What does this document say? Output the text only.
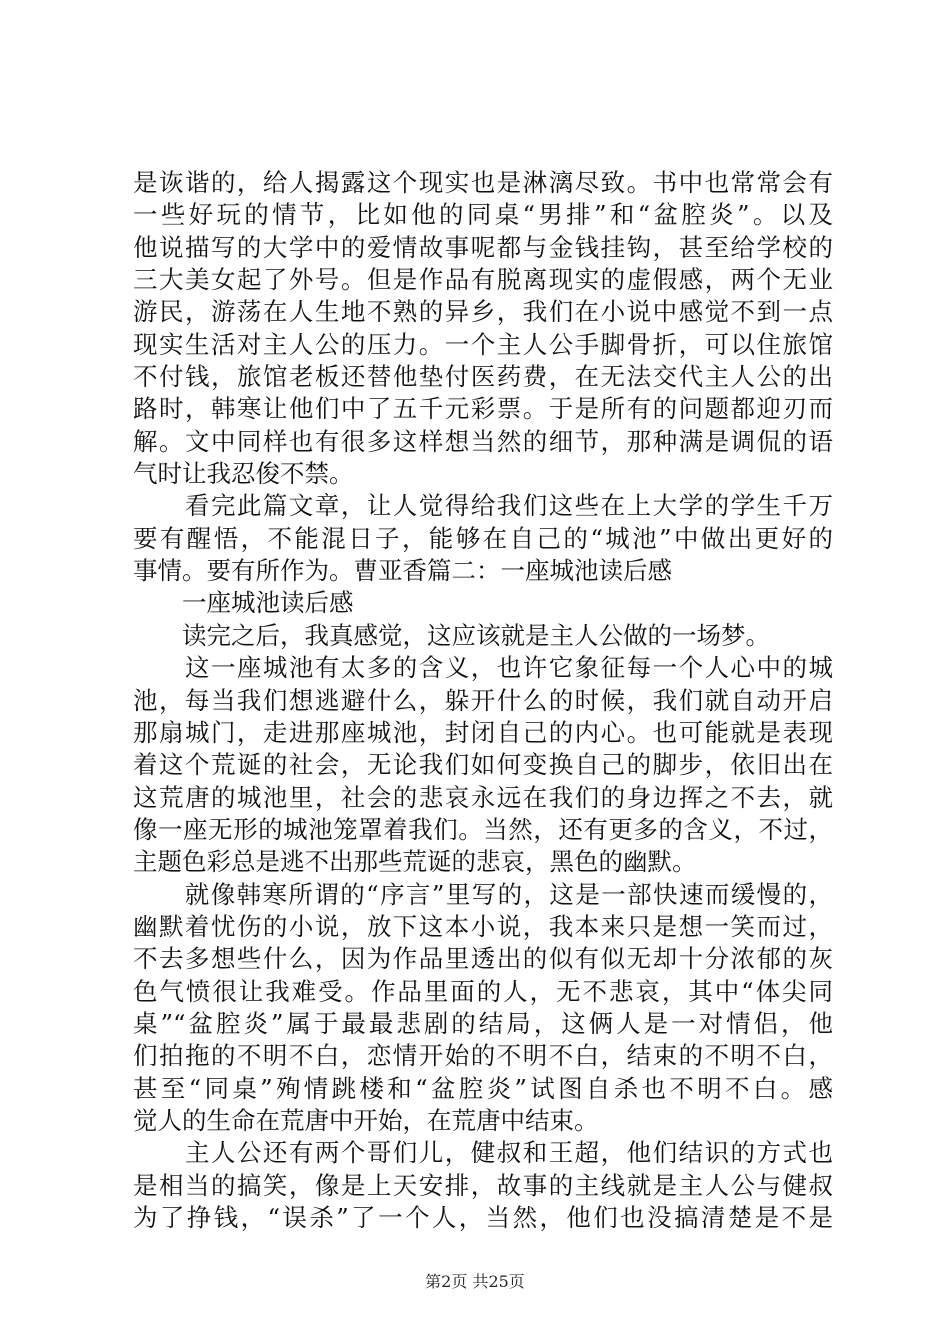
是诙谐的，给人揭露这个现实也是淋漓尽致。书中也常常会有
一些好玩的情节，比如他的同桌“男排”和“盆腔炎”。以及
他说描写的大学中的爱情故事呢都与金钱挂钩，甚至给学校的
三大美女起了外号。但是作品有脱离现实的虚假感，两个无业
游民，游荡在人生地不熟的异乡，我们在小说中感觉不到一点
现实生活对主人公的压力。一个主人公手脚骨折，可以住旅馆
不付钱，旅馆老板还替他垫付医药费，在无法交代主人公的出
路时，韩寒让他们中了五千元彩票。于是所有的问题都迎刃而
解。文中同样也有很多这样想当然的细节，那种满是调侃的语
气时让我忍俊不禁。
　　看完此篇文章，让人觉得给我们这些在上大学的学生千万
要有醒悟，不能混日子，能够在自己的“城池”中做出更好的
事情。要有所作为。曹亚香篇二：一座城池读后感
　　一座城池读后感
　　读完之后，我真感觉，这应该就是主人公做的一场梦。
　　这一座城池有太多的含义，也许它象征每一个人心中的城
池，每当我们想逃避什么，躲开什么的时候，我们就自动开启
那扇城门，走进那座城池，封闭自己的内心。也可能就是表现
着这个荒诞的社会，无论我们如何变换自己的脚步，依旧出在
这荒唐的城池里，社会的悲哀永远在我们的身边挥之不去，就
像一座无形的城池笼罩着我们。当然，还有更多的含义，不过，
主题色彩总是逃不出那些荒诞的悲哀，黑色的幽默。
　　就像韩寒所谓的“序言”里写的，这是一部快速而缓慢的，
幽默着忧伤的小说，放下这本小说，我本来只是想一笑而过，
不去多想些什么，因为作品里透出的似有似无却十分浓郁的灰
色气愤很让我难受。作品里面的人，无不悲哀，其中“体尖同
桌”“盆腔炎”属于最最悲剧的结局，这俩人是一对情侣，他
们拍拖的不明不白，恋情开始的不明不白，结束的不明不白，
甚至“同桌”殉情跳楼和“盆腔炎”试图自杀也不明不白。感
觉人的生命在荒唐中开始，在荒唐中结束。
　　主人公还有两个哥们儿，健叔和王超，他们结识的方式也
是相当的搞笑，像是上天安排，故事的主线就是主人公与健叔
为了挣钱，“误杀”了一个人，当然，他们也没搞清楚是不是
第2页 共25页
